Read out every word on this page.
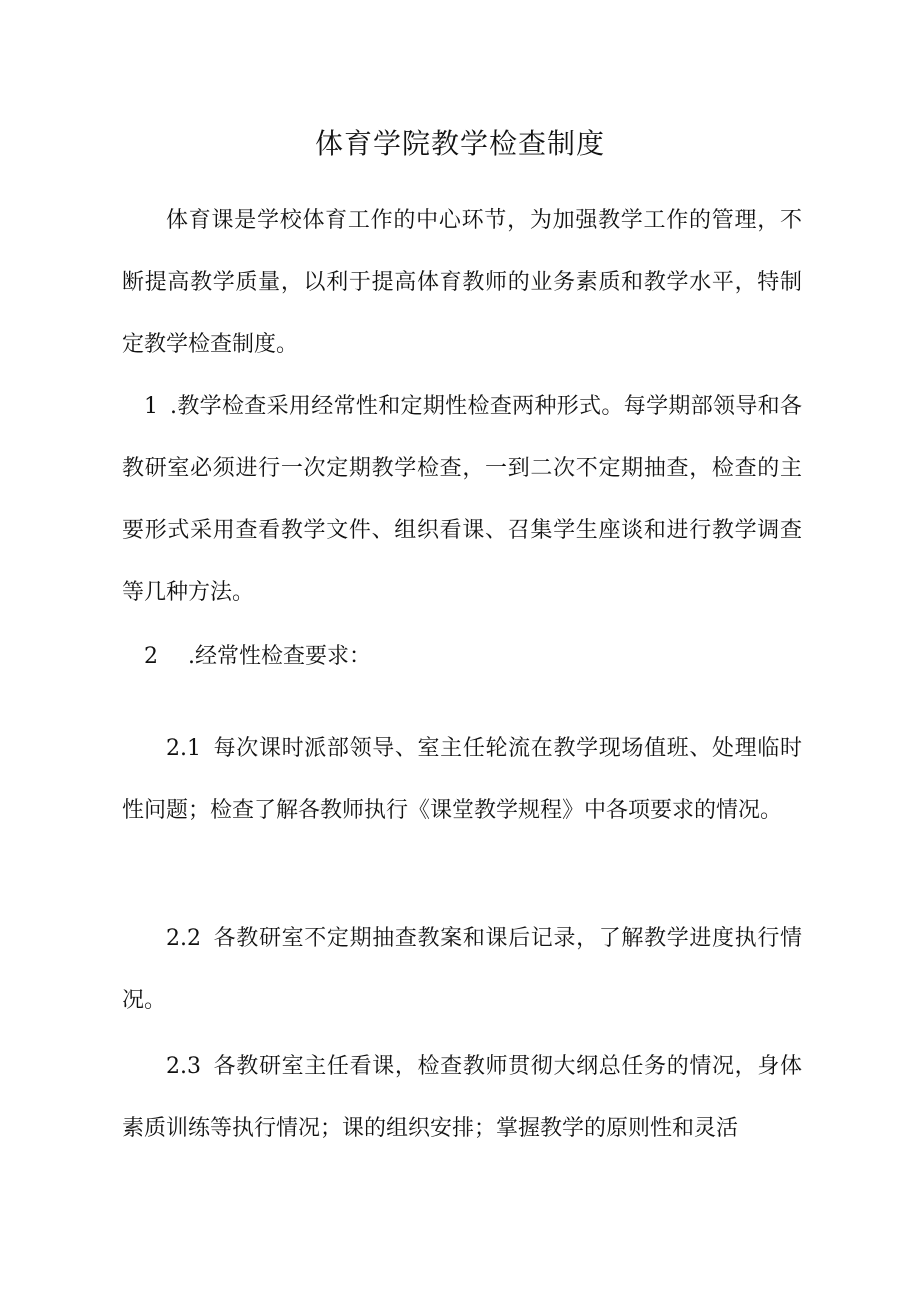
体育学院教学检查制度
体育课是学校体育工作的中心环节，为加强教学工作的管理，不断提高教学质量，以利于提高体育教师的业务素质和教学水平，特制定教学检查制度。
1 .教学检查采用经常性和定期性检查两种形式。每学期部领导和各教研室必须进行一次定期教学检查，一到二次不定期抽查，检查的主要形式采用查看教学文件、组织看课、召集学生座谈和进行教学调查等几种方法。
2 .经常性检查要求：
2.1 每次课时派部领导、室主任轮流在教学现场值班、处理临时性问题；检查了解各教师执行《课堂教学规程》中各项要求的情况。
2.2 各教研室不定期抽查教案和课后记录，了解教学进度执行情况。
2.3 各教研室主任看课，检查教师贯彻大纲总任务的情况，身体素质训练等执行情况；课的组织安排；掌握教学的原则性和灵活
